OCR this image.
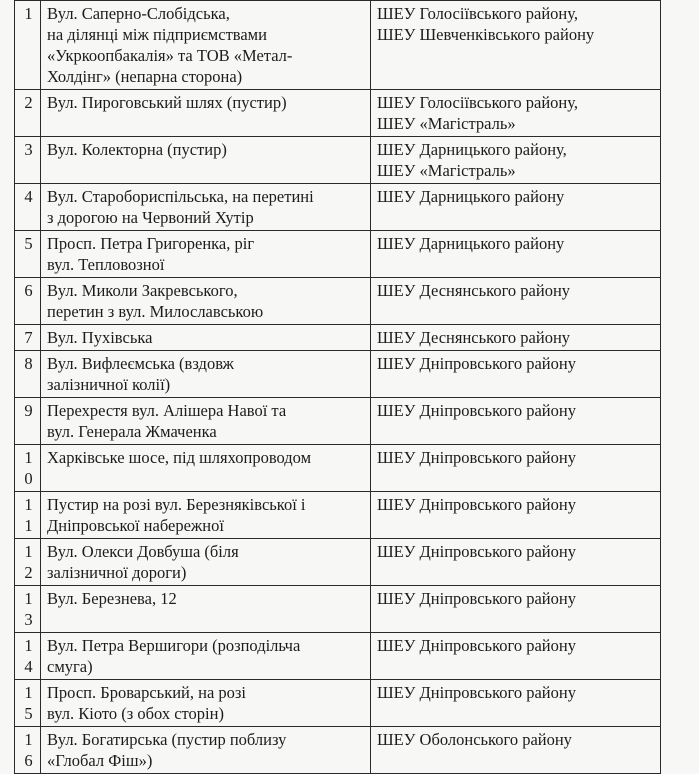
1	Вул. Саперно-Слобідська,
на ділянці між підприємствами
«Укркоопбакалія» та ТОВ «Метал-
Холдінг» (непарна сторона)	ШЕУ Голосіївського району,
ШЕУ Шевченківського району

2	Вул. Пироговський шлях (пустир)	ШЕУ Голосіївського району,
ШЕУ «Магістраль»

3	Вул. Колекторна (пустир)	ШЕУ Дарницького району,
ШЕУ «Магістраль»

4	Вул. Старобориспільська, на перетині
з дорогою на Червоний Хутір	ШЕУ Дарницького району

5	Просп. Петра Григоренка, ріг
вул. Тепловозної	ШЕУ Дарницького району

6	Вул. Миколи Закревського,
перетин з вул. Милославською	ШЕУ Деснянського району

7	Вул. Пухівська	ШЕУ Деснянського району

8	Вул. Вифлеємська (вздовж
залізничної колії)	ШЕУ Дніпровського району

9	Перехрестя вул. Алішера Навої та
вул. Генерала Жмаченка	ШЕУ Дніпровського району

10	Харківське шосе, під шляхопроводом	ШЕУ Дніпровського району

11	Пустир на розі вул. Березняківської і
Дніпровської набережної	ШЕУ Дніпровського району

12	Вул. Олекси Довбуша (біля
залізничної дороги)	ШЕУ Дніпровського району

13	Вул. Березнева, 12	ШЕУ Дніпровського району

14	Вул. Петра Вершигори (розподільча
смуга)	ШЕУ Дніпровського району

15	Просп. Броварський, на розі
вул. Кіото (з обох сторін)	ШЕУ Дніпровського району

16	Вул. Богатирська (пустир поблизу
«Глобал Фіш»)	ШЕУ Оболонського району
